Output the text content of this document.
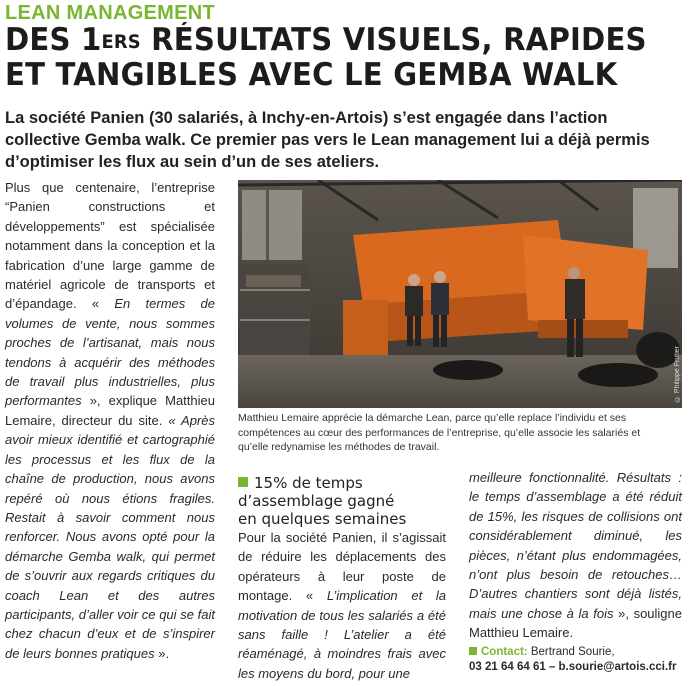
LEAN MANAGEMENT
DES 1ERS RÉSULTATS VISUELS, RAPIDES
ET TANGIBLES AVEC LE GEMBA WALK
La société Panien (30 salariés, à Inchy-en-Artois) s’est engagée dans l’action
collective Gemba walk. Ce premier pas vers le Lean management lui a déjà permis
d’optimiser les flux au sein d’un de ses ateliers.
Plus que centenaire, l’entreprise “Panien constructions et développements” est spécialisée notamment dans la conception et la fabrication d’une large gamme de matériel agricole de transports et d’épandage. « En termes de volumes de vente, nous sommes proches de l’artisanat, mais nous tendons à acquérir des méthodes de travail plus industrielles, plus performantes », explique Matthieu Lemaire, directeur du site. « Après avoir mieux identifié et cartographié les processus et les flux de la chaîne de production, nous avons repéré où nous étions fragiles. Restait à savoir comment nous renforcer. Nous avons opté pour la démarche Gemba walk, qui permet de s’ouvrir aux regards critiques du coach Lean et des autres participants, d’aller voir ce qui se fait chez chacun d’eux et de s’inspirer de leurs bonnes pratiques ».
© Philippe Frutier
Matthieu Lemaire apprécie la démarche Lean, parce qu’elle replace l’individu et ses
compétences au cœur des performances de l’entreprise, qu’elle associe les salariés et
qu’elle redynamise les méthodes de travail.
15% de temps
d’assemblage gagné
en quelques semaines
Pour la société Panien, il s’agissait de réduire les déplacements des opérateurs à leur poste de montage. « L’implication et la motivation de tous les salariés a été sans faille ! L’atelier a été réaménagé, à moindres frais avec les moyens du bord, pour une
meilleure fonctionnalité. Résultats : le temps d’assemblage a été réduit de 15%, les risques de collisions ont considérablement diminué, les pièces, n’étant plus endommagées, n’ont plus besoin de retouches… D’autres chantiers sont déjà listés, mais une chose à la fois », souligne Matthieu Lemaire.
Contact: Bertrand Sourie,
03 21 64 64 61 – b.sourie@artois.cci.fr
